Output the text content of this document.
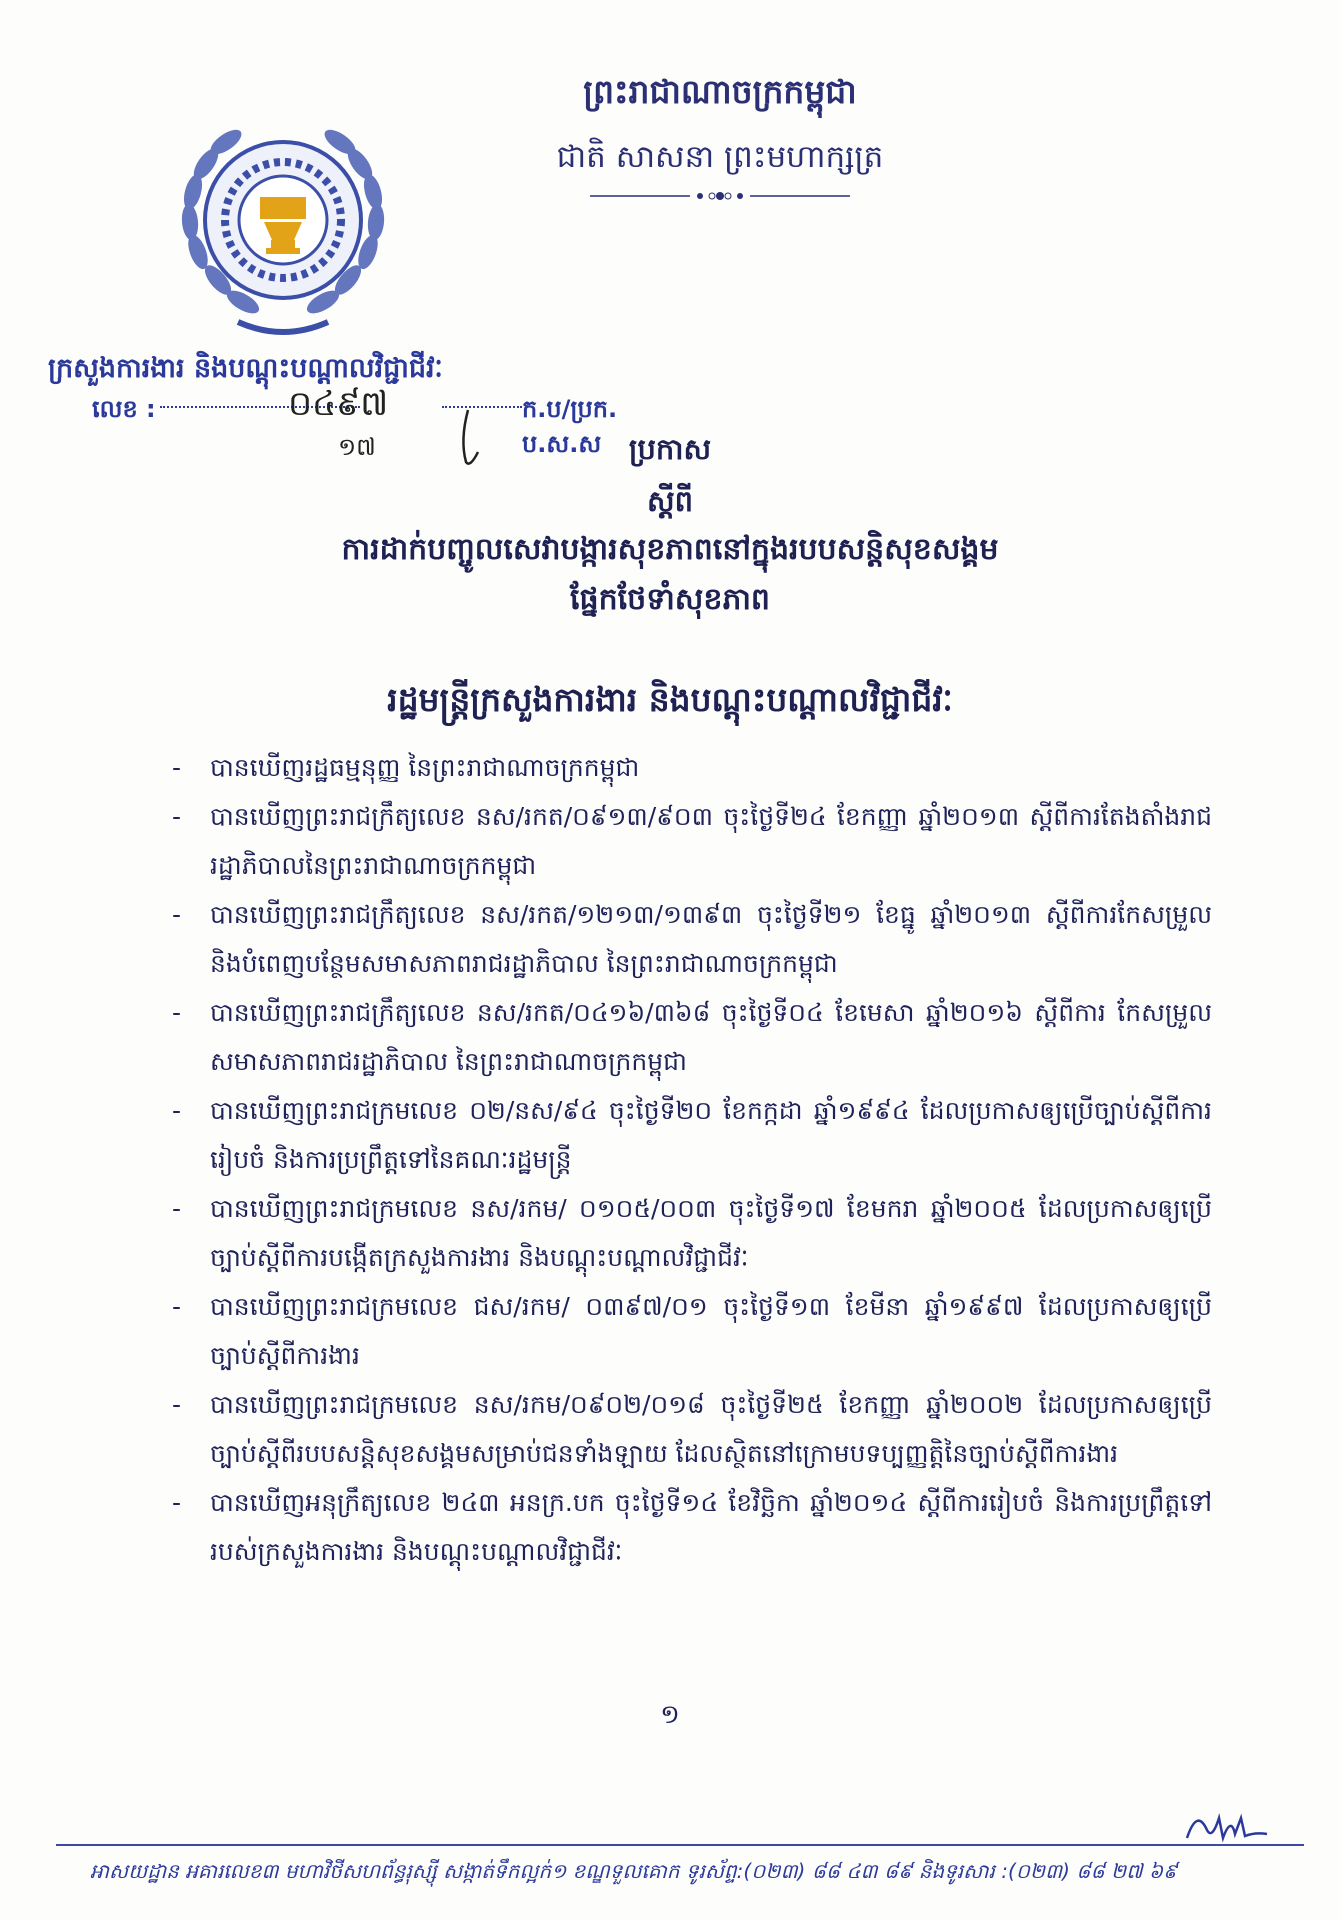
ព្រះរាជាណាចក្រកម្ពុជា
ជាតិ សាសនា ព្រះមហាក្សត្រ
ក្រសួងការងារ និងបណ្ដុះបណ្ដាលវិជ្ជាជីវៈ
លេខ :	០៤៩៧	ក.ប/ប្រក. ប.ស.ស
១៧	ប្រកាស
ស្ដីពី
ការដាក់បញ្ចូលសេវាបង្ការសុខភាពនៅក្នុងរបបសន្តិសុខសង្គម
ផ្នែកថែទាំសុខភាព
រដ្ឋមន្ត្រីក្រសួងការងារ និងបណ្ដុះបណ្ដាលវិជ្ជាជីវៈ
- បានឃើញរដ្ឋធម្មនុញ្ញ នៃព្រះរាជាណាចក្រកម្ពុជា
- បានឃើញព្រះរាជក្រឹត្យលេខ នស/រកត/០៩១៣/៩០៣ ចុះថ្ងៃទី២៤ ខែកញ្ញា ឆ្នាំ២០១៣ ស្ដីពីការតែងតាំងរាជរដ្ឋាភិបាលនៃព្រះរាជាណាចក្រកម្ពុជា
- បានឃើញព្រះរាជក្រឹត្យលេខ នស/រកត/១២១៣/១៣៩៣ ចុះថ្ងៃទី២១ ខែធ្នូ ឆ្នាំ២០១៣ ស្ដីពីការកែសម្រួល និងបំពេញបន្ថែមសមាសភាពរាជរដ្ឋាភិបាល នៃព្រះរាជាណាចក្រកម្ពុជា
- បានឃើញព្រះរាជក្រឹត្យលេខ នស/រកត/០៤១៦/៣៦៨ ចុះថ្ងៃទី០៤ ខែមេសា ឆ្នាំ២០១៦ ស្ដីពីការ កែសម្រួលសមាសភាពរាជរដ្ឋាភិបាល នៃព្រះរាជាណាចក្រកម្ពុជា
- បានឃើញព្រះរាជក្រមលេខ ០២/នស/៩៤ ចុះថ្ងៃទី២០ ខែកក្កដា ឆ្នាំ១៩៩៤ ដែលប្រកាសឲ្យប្រើច្បាប់ស្ដីពីការរៀបចំ និងការប្រព្រឹត្តទៅនៃគណៈរដ្ឋមន្ត្រី
- បានឃើញព្រះរាជក្រមលេខ នស/រកម/ ០១០៥/០០៣ ចុះថ្ងៃទី១៧ ខែមករា ឆ្នាំ២០០៥ ដែលប្រកាសឲ្យប្រើច្បាប់ស្ដីពីការបង្កើតក្រសួងការងារ និងបណ្ដុះបណ្ដាលវិជ្ជាជីវៈ
- បានឃើញព្រះរាជក្រមលេខ ជស/រកម/ ០៣៩៧/០១ ចុះថ្ងៃទី១៣ ខែមីនា ឆ្នាំ១៩៩៧ ដែលប្រកាសឲ្យប្រើច្បាប់ស្ដីពីការងារ
- បានឃើញព្រះរាជក្រមលេខ នស/រកម/០៩០២/០១៨ ចុះថ្ងៃទី២៥ ខែកញ្ញា ឆ្នាំ២០០២ ដែលប្រកាសឲ្យប្រើច្បាប់ស្ដីពីរបបសន្តិសុខសង្គមសម្រាប់ជនទាំងឡាយ ដែលស្ថិតនៅក្រោមបទប្បញ្ញត្តិនៃច្បាប់ស្ដីពីការងារ
- បានឃើញអនុក្រឹត្យលេខ ២៤៣ អនក្រ.បក ចុះថ្ងៃទី១៤ ខែវិច្ឆិកា ឆ្នាំ២០១៤ ស្ដីពីការរៀបចំ និងការប្រព្រឹត្តទៅរបស់ក្រសួងការងារ និងបណ្ដុះបណ្ដាលវិជ្ជាជីវៈ
១
អាសយដ្ឋាន អគារលេខ៣ មហាវិថីសហព័ន្ធរុស្ស៊ី សង្កាត់ទឹកល្អក់១ ខណ្ឌទួលគោក ទូរស័ព្ទ:(០២៣) ៨៨ ៤៣ ៨៩ និងទូរសារ :(០២៣) ៨៨ ២៧ ៦៩
